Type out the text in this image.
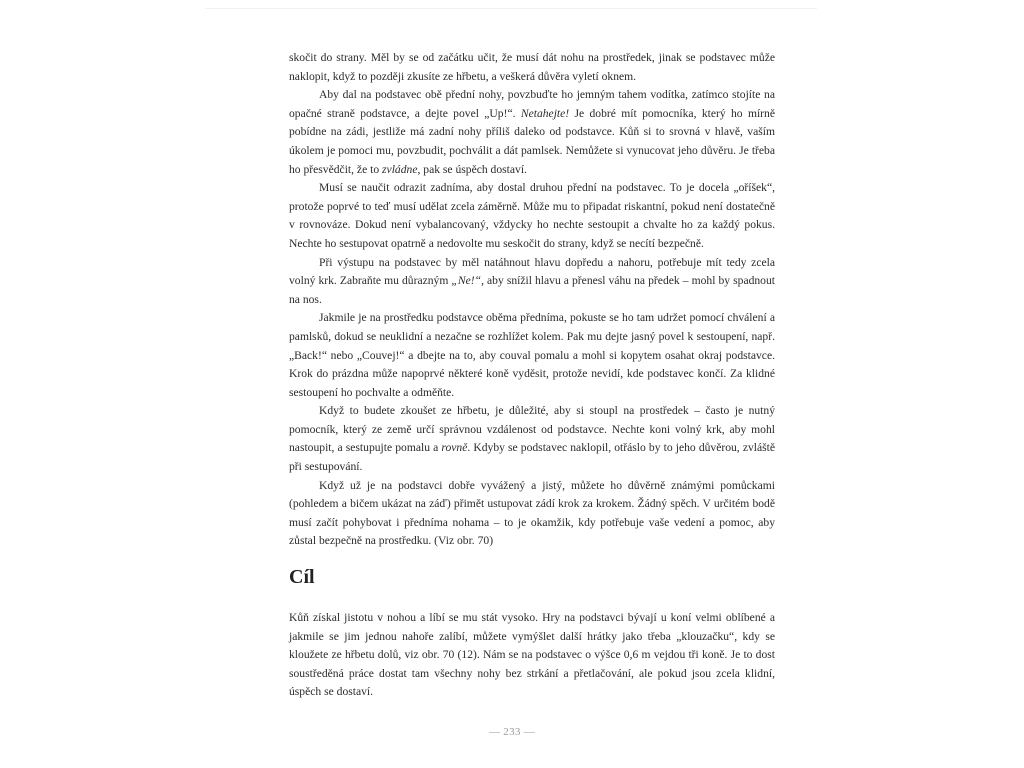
skočit do strany. Měl by se od začátku učit, že musí dát nohu na prostředek, jinak se podstavec může naklopit, když to později zkusíte ze hřbetu, a veškerá důvěra vyletí oknem.

Aby dal na podstavec obě přední nohy, povzbuďte ho jemným tahem vodítka, zatímco stojíte na opačné straně podstavce, a dejte povel „Up!“. Netahejte! Je dobré mít pomocníka, který ho mírně pobídne na zádi, jestliže má zadní nohy příliš daleko od podstavce. Kůň si to srovná v hlavě, vaším úkolem je pomoci mu, povzbudit, pochválit a dát pamlsek. Nemůžete si vynucovat jeho důvěru. Je třeba ho přesvědčit, že to zvládne, pak se úspěch dostaví.

Musí se naučit odrazit zadníma, aby dostal druhou přední na podstavec. To je docela „oříšek“, protože poprvé to teď musí udělat zcela záměrně. Může mu to připadat riskantní, pokud není dostatečně v rovnováze. Dokud není vybalancovaný, vždycky ho nechte sestoupit a chvalte ho za každý pokus. Nechte ho sestupovat opatrně a nedovolte mu seskočit do strany, když se necítí bezpečně.

Při výstupu na podstavec by měl natáhnout hlavu dopředu a nahoru, potřebuje mít tedy zcela volný krk. Zabraňte mu důrazným „Ne!“, aby snížil hlavu a přenesl váhu na předek – mohl by spadnout na nos.

Jakmile je na prostředku podstavce oběma předníma, pokuste se ho tam udržet pomocí chválení a pamlsků, dokud se neuklidní a nezačne se rozhlížet kolem. Pak mu dejte jasný povel k sestoupení, např. „Back!“ nebo „Couvej!“ a dbejte na to, aby couval pomalu a mohl si kopytem osahat okraj podstavce. Krok do prázdna může napoprvé některé koně vyděsit, protože nevidí, kde podstavec končí. Za klidné sestoupení ho pochvalte a odměňte.

Když to budete zkoušet ze hřbetu, je důležité, aby si stoupl na prostředek – často je nutný pomocník, který ze země určí správnou vzdálenost od podstavce. Nechte koni volný krk, aby mohl nastoupit, a sestupujte pomalu a rovně. Kdyby se podstavec naklopil, otřáslo by to jeho důvěrou, zvláště při sestupování.

Když už je na podstavci dobře vyvážený a jistý, můžete ho důvěrně známými pomůckami (pohledem a bičem ukázat na záď) přimět ustupovat zádí krok za krokem. Žádný spěch. V určitém bodě musí začít pohybovat i předníma nohama – to je okamžik, kdy potřebuje vaše vedení a pomoc, aby zůstal bezpečně na prostředku. (Viz obr. 70)

Cíl

Kůň získal jistotu v nohou a líbí se mu stát vysoko. Hry na podstavci bývají u koní velmi oblíbené a jakmile se jim jednou nahoře zalíbí, můžete vymýšlet další hrátky jako třeba „klouzačku“, kdy se kloužete ze hřbetu dolů, viz obr. 70 (12). Nám se na podstavec o výšce 0,6 m vejdou tři koně. Je to dost soustředěná práce dostat tam všechny nohy bez strkání a přetlačování, ale pokud jsou zcela klidní, úspěch se dostaví.

— 233 —
